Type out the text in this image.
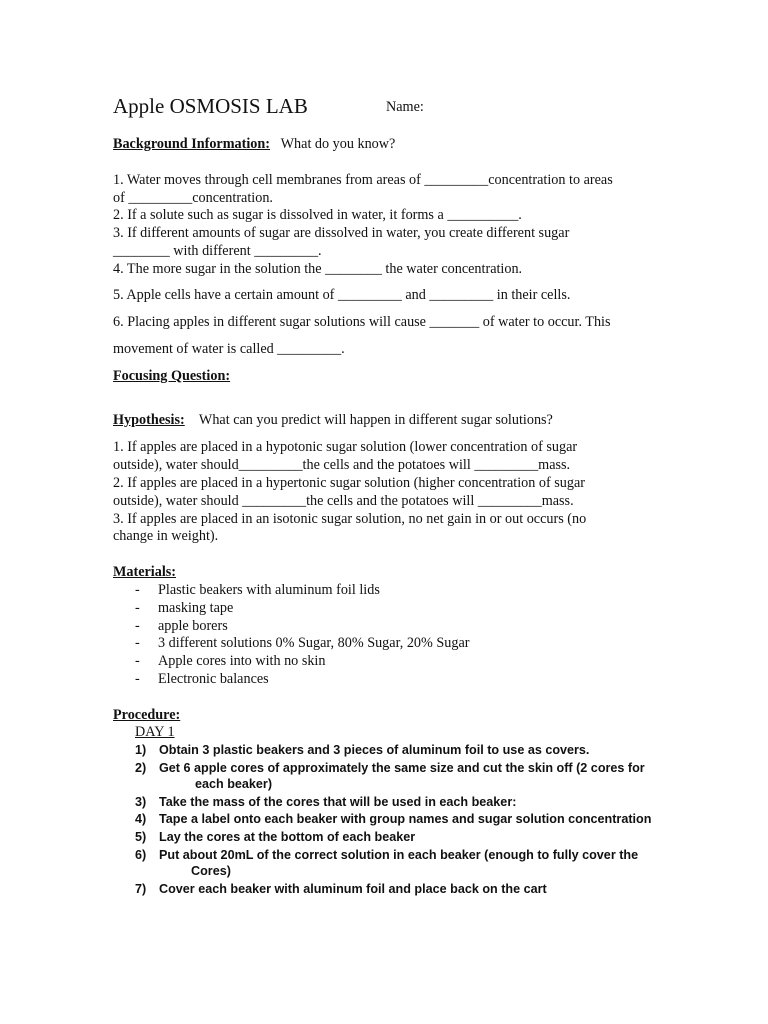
Apple OSMOSIS LAB	Name:
Background Information: What do you know?
1. Water moves through cell membranes from areas of _________concentration to areas
of _________concentration.
2. If a solute such as sugar is dissolved in water, it forms a __________.
3. If different amounts of sugar are dissolved in water, you create different sugar
________ with different _________.
4. The more sugar in the solution the ________ the water concentration.
5. Apple cells have a certain amount of _________ and _________ in their cells.
6. Placing apples in different sugar solutions will cause _______ of water to occur. This
movement of water is called _________.
Focusing Question:
Hypothesis: What can you predict will happen in different sugar solutions?
1. If apples are placed in a hypotonic sugar solution (lower concentration of sugar
outside), water should_________the cells and the potatoes will _________mass.
2. If apples are placed in a hypertonic sugar solution (higher concentration of sugar
outside), water should _________the cells and the potatoes will _________mass.
3. If apples are placed in an isotonic sugar solution, no net gain in or out occurs (no
change in weight).
Materials:
- Plastic beakers with aluminum foil lids
- masking tape
- apple borers
- 3 different solutions 0% Sugar, 80% Sugar, 20% Sugar
- Apple cores into with no skin
- Electronic balances
Procedure:
DAY 1
1) Obtain 3 plastic beakers and 3 pieces of aluminum foil to use as covers.
2) Get 6 apple cores of approximately the same size and cut the skin off (2 cores for
each beaker)
3) Take the mass of the cores that will be used in each beaker:
4) Tape a label onto each beaker with group names and sugar solution concentration
5) Lay the cores at the bottom of each beaker
6) Put about 20mL of the correct solution in each beaker (enough to fully cover the
Cores)
7) Cover each beaker with aluminum foil and place back on the cart
